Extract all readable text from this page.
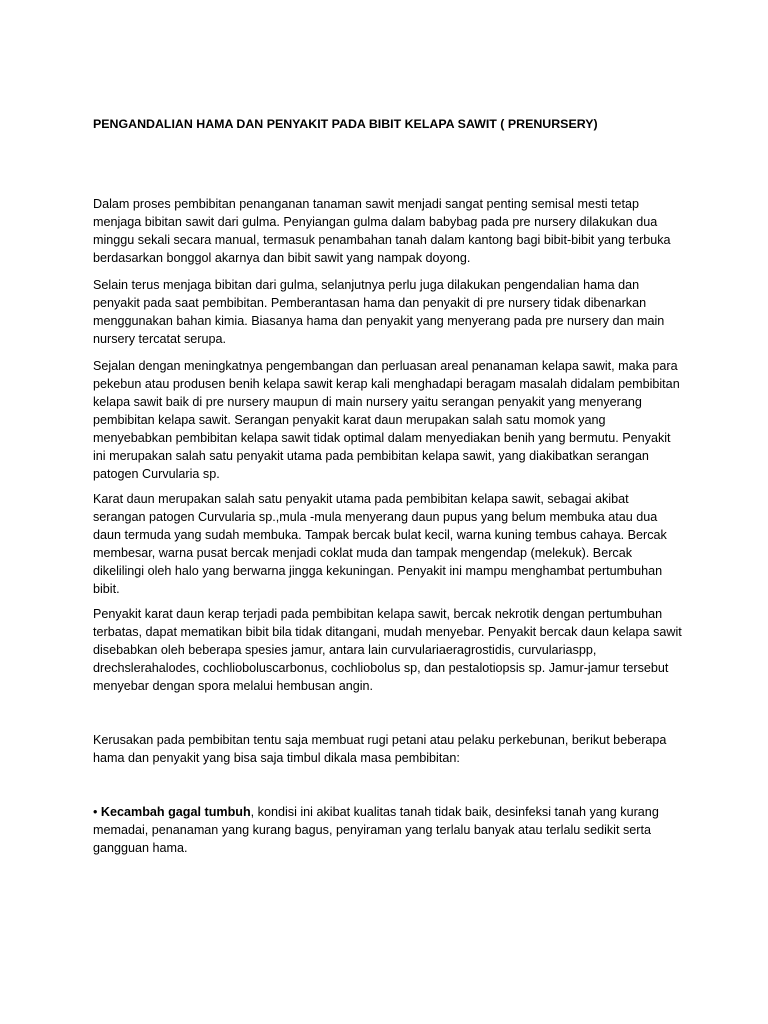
PENGANDALIAN HAMA DAN PENYAKIT PADA BIBIT KELAPA SAWIT ( PRENURSERY)

Dalam proses pembibitan penanganan tanaman sawit menjadi sangat penting semisal mesti tetap menjaga bibitan sawit dari gulma. Penyiangan gulma dalam babybag pada pre nursery dilakukan dua minggu sekali secara manual, termasuk penambahan tanah dalam kantong bagi bibit-bibit yang terbuka berdasarkan bonggol akarnya dan bibit sawit yang nampak doyong.

Selain terus menjaga bibitan dari gulma, selanjutnya perlu juga dilakukan pengendalian hama dan penyakit pada saat pembibitan. Pemberantasan hama dan penyakit di pre nursery tidak dibenarkan menggunakan bahan kimia. Biasanya hama dan penyakit yang menyerang pada pre nursery dan main nursery tercatat serupa.

Sejalan dengan meningkatnya pengembangan dan perluasan areal penanaman kelapa sawit, maka para pekebun atau produsen benih kelapa sawit kerap kali menghadapi beragam masalah didalam pembibitan kelapa sawit baik di pre nursery maupun di main nursery yaitu serangan penyakit yang menyerang pembibitan kelapa sawit. Serangan penyakit karat daun merupakan salah satu momok yang menyebabkan pembibitan kelapa sawit tidak optimal dalam menyediakan benih yang bermutu. Penyakit ini merupakan salah satu penyakit utama pada pembibitan kelapa sawit, yang diakibatkan serangan patogen Curvularia sp.

Karat daun merupakan salah satu penyakit utama pada pembibitan kelapa sawit, sebagai akibat serangan patogen Curvularia sp.,mula -mula menyerang daun pupus yang belum membuka atau dua daun termuda yang sudah membuka. Tampak bercak bulat kecil, warna kuning tembus cahaya. Bercak membesar, warna pusat bercak menjadi coklat muda dan tampak mengendap (melekuk). Bercak dikelilingi oleh halo yang berwarna jingga kekuningan. Penyakit ini mampu menghambat pertumbuhan bibit.

Penyakit karat daun kerap terjadi pada pembibitan kelapa sawit, bercak nekrotik dengan pertumbuhan terbatas, dapat mematikan bibit bila tidak ditangani, mudah menyebar. Penyakit bercak daun kelapa sawit disebabkan oleh beberapa spesies jamur, antara lain curvulariaeragrostidis, curvulariaspp, drechslerahalodes, cochlioboluscarbonus, cochliobolus sp, dan pestalotiopsis sp. Jamur-jamur tersebut menyebar dengan spora melalui hembusan angin.

Kerusakan pada pembibitan tentu saja membuat rugi petani atau pelaku perkebunan, berikut beberapa hama dan penyakit yang bisa saja timbul dikala masa pembibitan:

• Kecambah gagal tumbuh, kondisi ini akibat kualitas tanah tidak baik, desinfeksi tanah yang kurang memadai, penanaman yang kurang bagus, penyiraman yang terlalu banyak atau terlalu sedikit serta gangguan hama.
